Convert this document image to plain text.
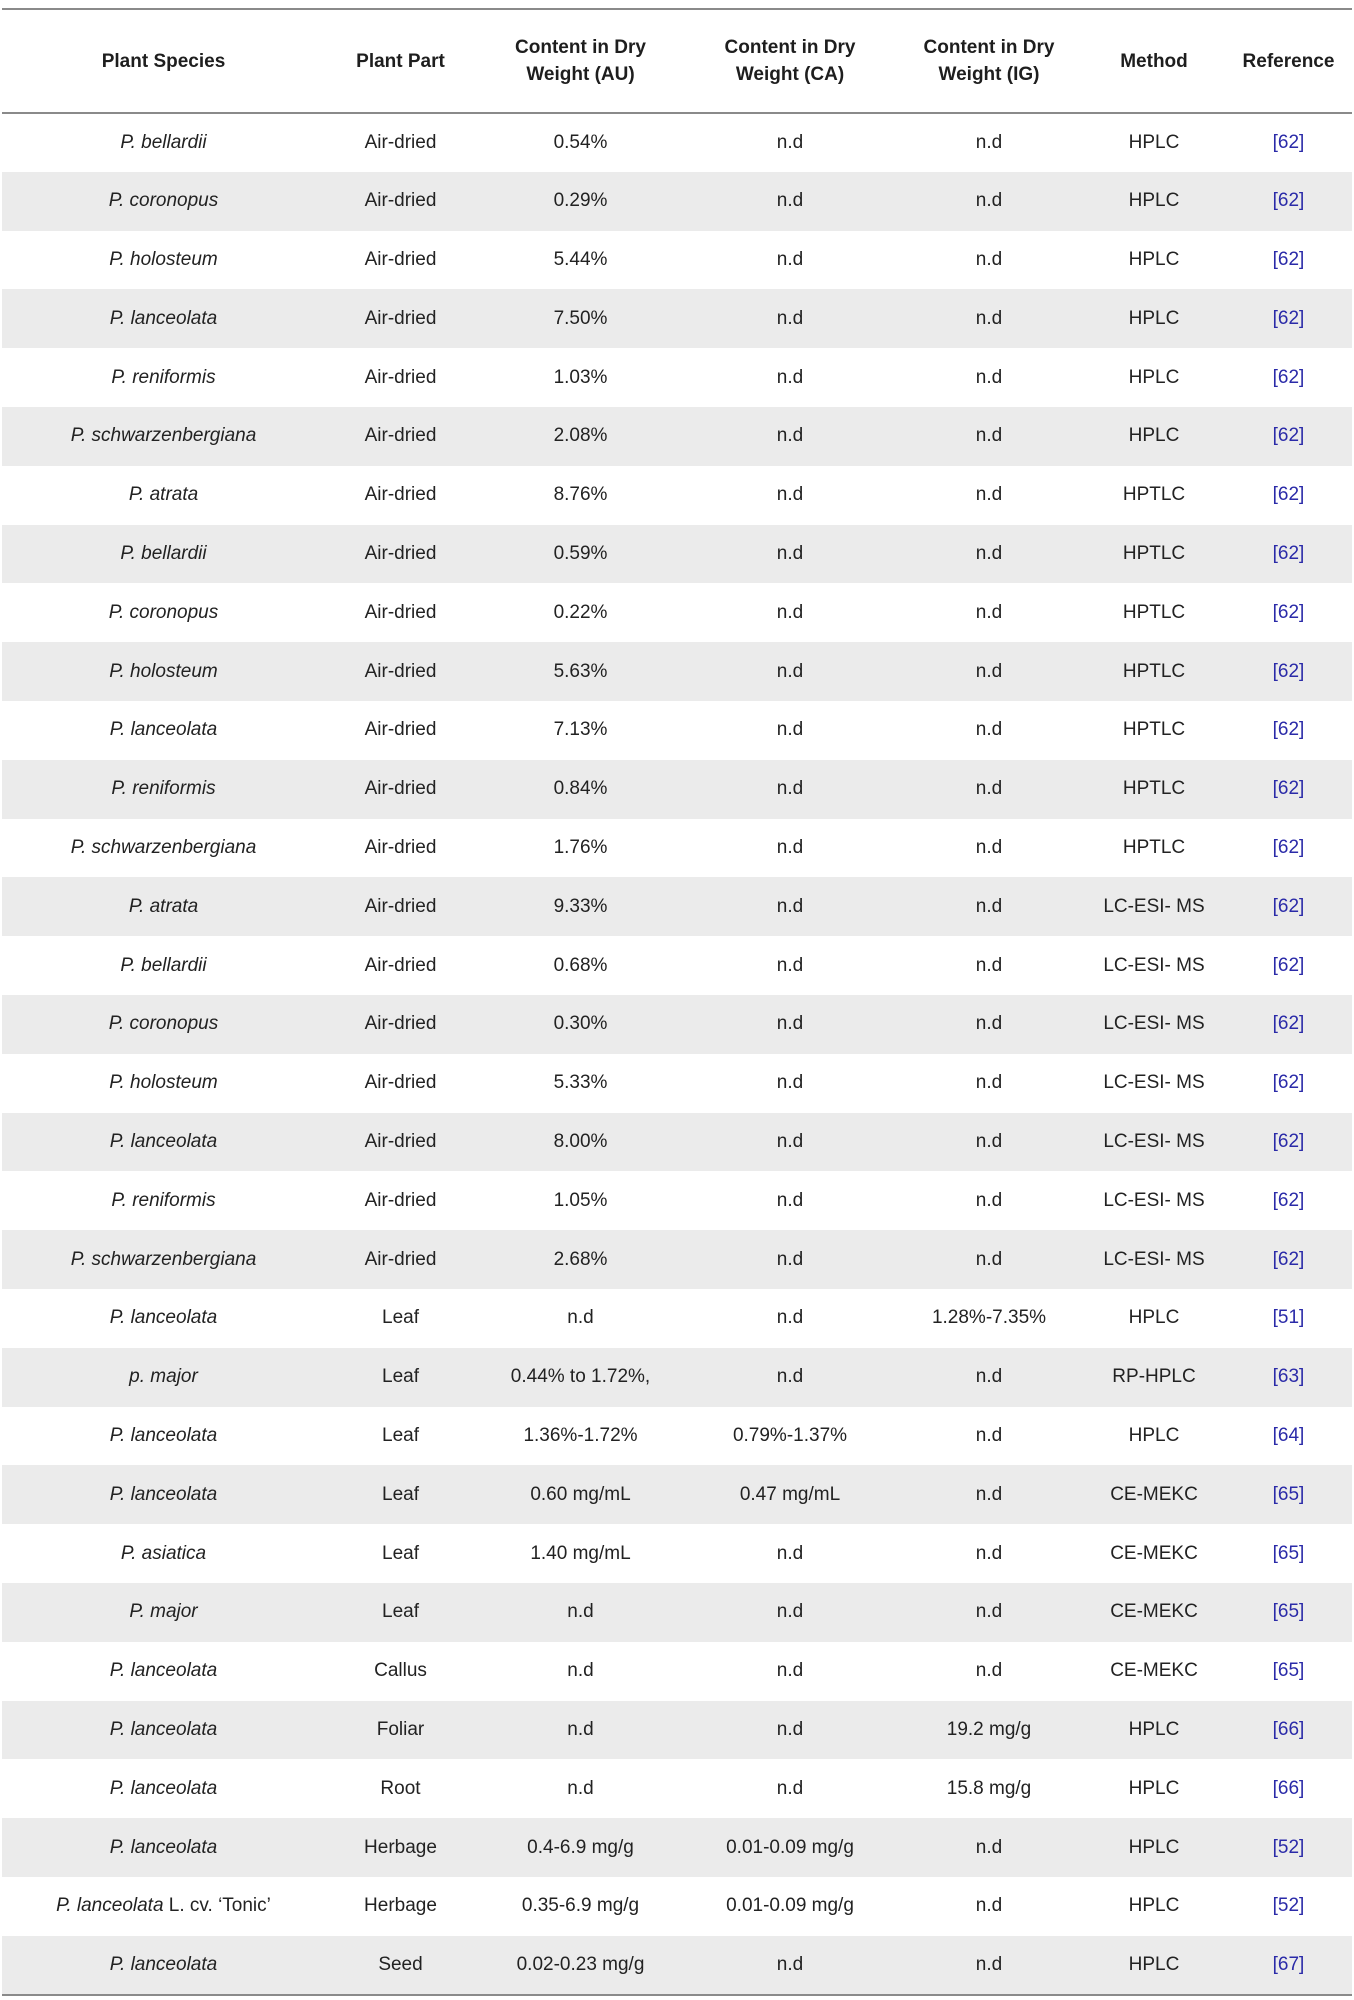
Plant Species	Plant Part	Content in Dry Weight (AU)	Content in Dry Weight (CA)	Content in Dry Weight (IG)	Method	Reference
P. bellardii	Air-dried	0.54%	n.d	n.d	HPLC	[62]
P. coronopus	Air-dried	0.29%	n.d	n.d	HPLC	[62]
P. holosteum	Air-dried	5.44%	n.d	n.d	HPLC	[62]
P. lanceolata	Air-dried	7.50%	n.d	n.d	HPLC	[62]
P. reniformis	Air-dried	1.03%	n.d	n.d	HPLC	[62]
P. schwarzenbergiana	Air-dried	2.08%	n.d	n.d	HPLC	[62]
P. atrata	Air-dried	8.76%	n.d	n.d	HPTLC	[62]
P. bellardii	Air-dried	0.59%	n.d	n.d	HPTLC	[62]
P. coronopus	Air-dried	0.22%	n.d	n.d	HPTLC	[62]
P. holosteum	Air-dried	5.63%	n.d	n.d	HPTLC	[62]
P. lanceolata	Air-dried	7.13%	n.d	n.d	HPTLC	[62]
P. reniformis	Air-dried	0.84%	n.d	n.d	HPTLC	[62]
P. schwarzenbergiana	Air-dried	1.76%	n.d	n.d	HPTLC	[62]
P. atrata	Air-dried	9.33%	n.d	n.d	LC-ESI- MS	[62]
P. bellardii	Air-dried	0.68%	n.d	n.d	LC-ESI- MS	[62]
P. coronopus	Air-dried	0.30%	n.d	n.d	LC-ESI- MS	[62]
P. holosteum	Air-dried	5.33%	n.d	n.d	LC-ESI- MS	[62]
P. lanceolata	Air-dried	8.00%	n.d	n.d	LC-ESI- MS	[62]
P. reniformis	Air-dried	1.05%	n.d	n.d	LC-ESI- MS	[62]
P. schwarzenbergiana	Air-dried	2.68%	n.d	n.d	LC-ESI- MS	[62]
P. lanceolata	Leaf	n.d	n.d	1.28%-7.35%	HPLC	[51]
p. major	Leaf	0.44% to 1.72%,	n.d	n.d	RP-HPLC	[63]
P. lanceolata	Leaf	1.36%-1.72%	0.79%-1.37%	n.d	HPLC	[64]
P. lanceolata	Leaf	0.60 mg/mL	0.47 mg/mL	n.d	CE-MEKC	[65]
P. asiatica	Leaf	1.40 mg/mL	n.d	n.d	CE-MEKC	[65]
P. major	Leaf	n.d	n.d	n.d	CE-MEKC	[65]
P. lanceolata	Callus	n.d	n.d	n.d	CE-MEKC	[65]
P. lanceolata	Foliar	n.d	n.d	19.2 mg/g	HPLC	[66]
P. lanceolata	Root	n.d	n.d	15.8 mg/g	HPLC	[66]
P. lanceolata	Herbage	0.4-6.9 mg/g	0.01-0.09 mg/g	n.d	HPLC	[52]
P. lanceolata L. cv. ‘Tonic’	Herbage	0.35-6.9 mg/g	0.01-0.09 mg/g	n.d	HPLC	[52]
P. lanceolata	Seed	0.02-0.23 mg/g	n.d	n.d	HPLC	[67]
